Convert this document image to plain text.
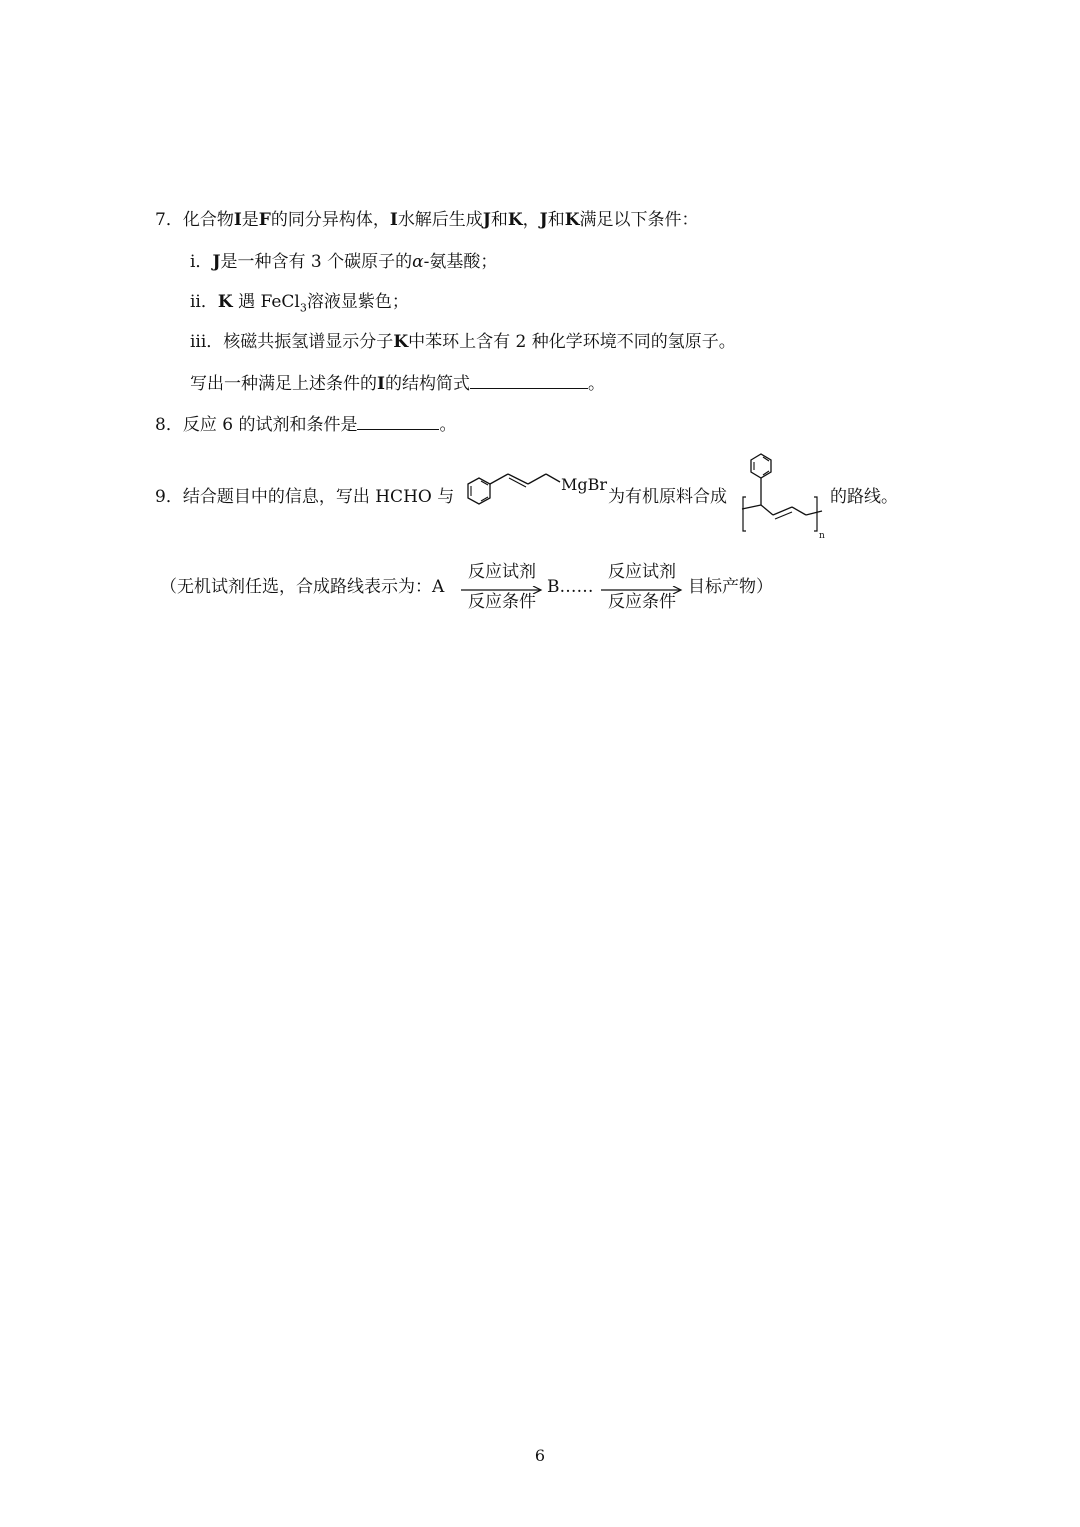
7．化合物I是F的同分异构体，I水解后生成J和K，J和K满足以下条件：
i．J是一种含有 3 个碳原子的α-氨基酸；
ii．K 遇 FeCl$_3$溶液显紫色；
iii．核磁共振氢谱显示分子K中苯环上含有 2 种化学环境不同的氢原子。
写出一种满足上述条件的I的结构简式	。
8．反应 6 的试剂和条件是	。
9．结合题目中的信息，写出 HCHO 与
MgBr
为有机原料合成
n
的路线。
（无机试剂任选，合成路线表示为：A
反应试剂
反应条件
B……
反应试剂
反应条件
目标产物）
6
